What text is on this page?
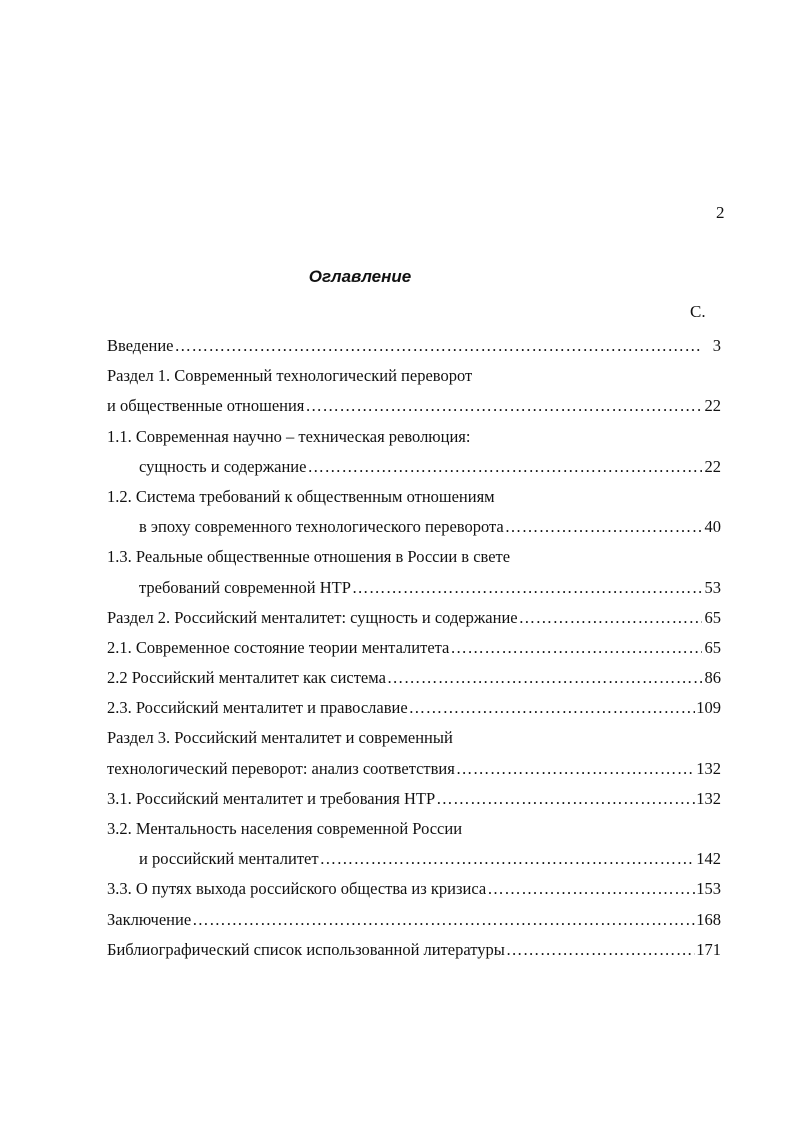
2
Оглавление
С.
Введение …………………………………………………………………………………………………………………………………………………………………	3
Раздел 1. Современный технологический переворот
и общественные отношения …………………………………………………………………………………………………………………………………………………………………	22
1.1. Современная научно – техническая революция:
сущность и содержание …………………………………………………………………………………………………………………………………………………………………	22
1.2. Система требований к общественным отношениям
в эпоху современного технологического переворота …………………………………………………………………………………………………………………………………………………………………	40
1.3. Реальные общественные отношения в России в свете
требований современной НТР …………………………………………………………………………………………………………………………………………………………………	53
Раздел 2. Российский менталитет: сущность и содержание …………………………………………………………………………………………………………………………………………………………………	65
2.1. Современное состояние теории менталитета …………………………………………………………………………………………………………………………………………………………………	65
2.2 Российский менталитет как система …………………………………………………………………………………………………………………………………………………………………	86
2.3. Российский менталитет и православие …………………………………………………………………………………………………………………………………………………………………	109
Раздел 3. Российский менталитет и современный
технологический переворот: анализ соответствия …………………………………………………………………………………………………………………………………………………………………	132
3.1. Российский менталитет и требования НТР …………………………………………………………………………………………………………………………………………………………………	132
3.2. Ментальность населения современной России
и российский менталитет …………………………………………………………………………………………………………………………………………………………………	142
3.3. О путях выхода российского общества из кризиса …………………………………………………………………………………………………………………………………………………………………	153
Заключение …………………………………………………………………………………………………………………………………………………………………	168
Библиографический список использованной литературы …………………………………………………………………………………………………………………………………………………………………	171
